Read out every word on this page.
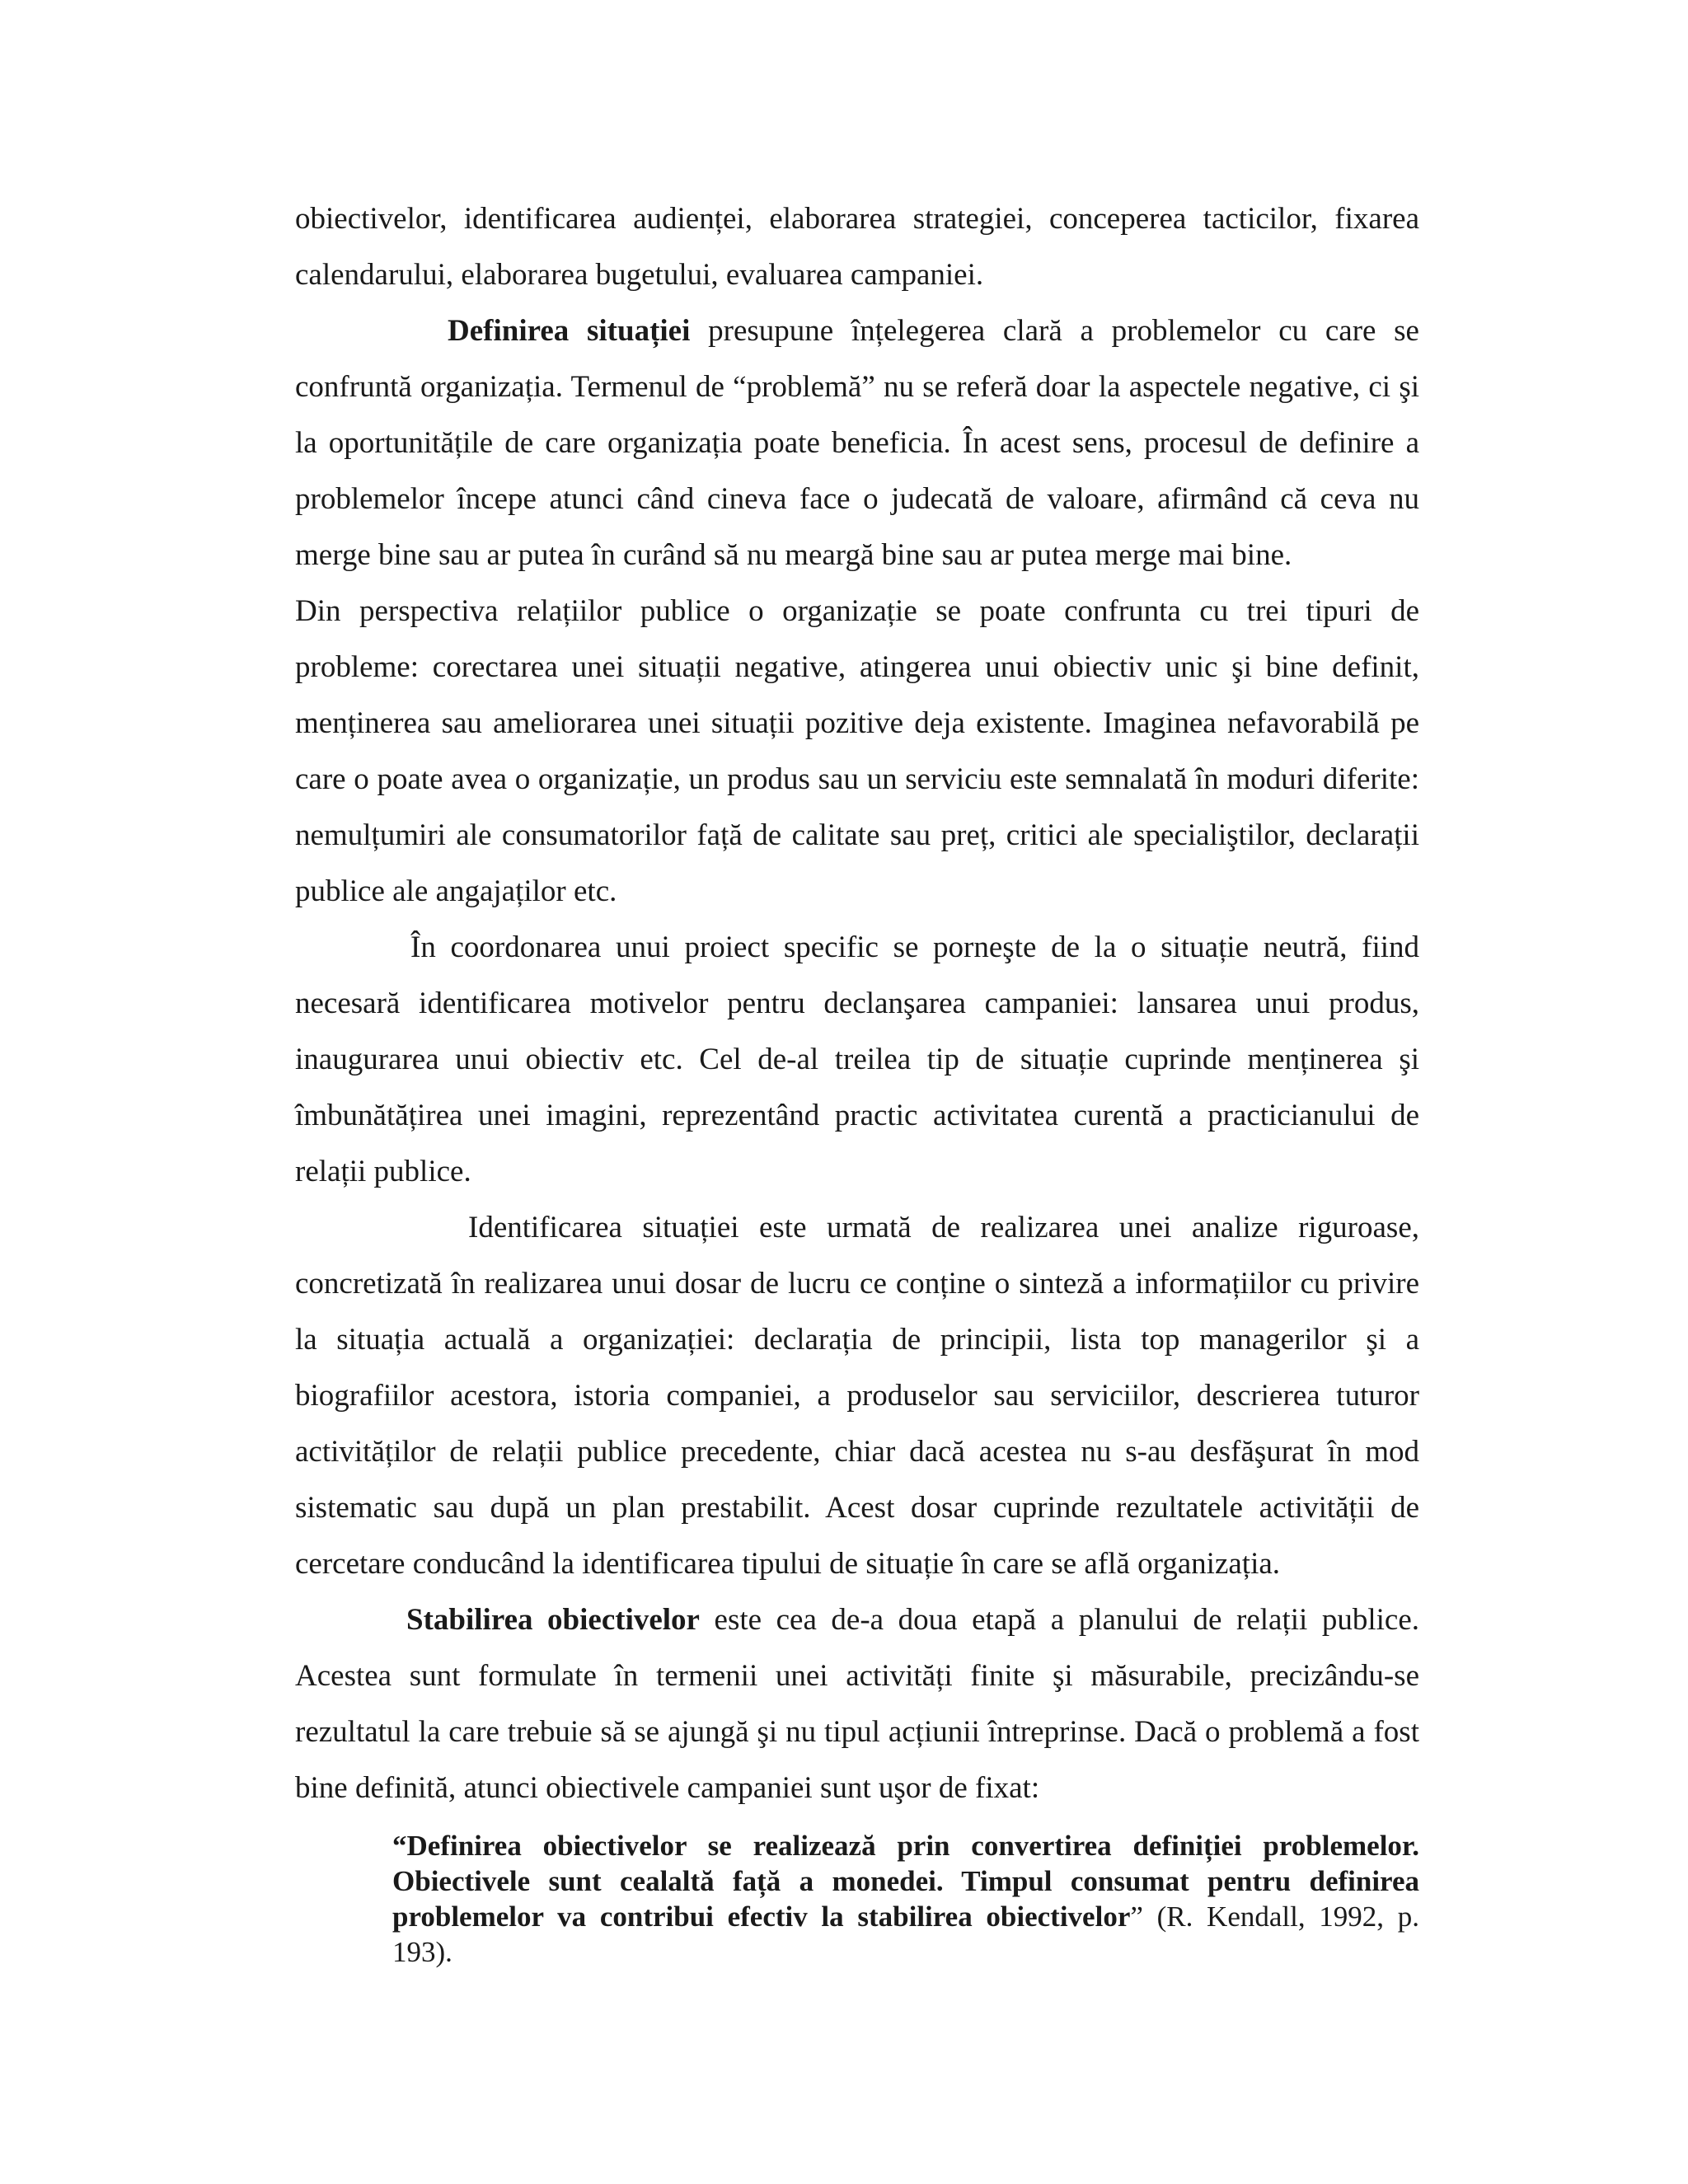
obiectivelor, identificarea audienței, elaborarea strategiei, conceperea tacticilor, fixarea calendarului, elaborarea bugetului, evaluarea campaniei.

Definirea situației presupune înțelegerea clară a problemelor cu care se confruntă organizația. Termenul de “problemă” nu se referă doar la aspectele negative, ci şi la oportunitățile de care organizația poate beneficia. În acest sens, procesul de definire a problemelor începe atunci când cineva face o judecată de valoare, afirmând că ceva nu merge bine sau ar putea în curând să nu meargă bine sau ar putea merge mai bine.

Din perspectiva relațiilor publice o organizație se poate confrunta cu trei tipuri de probleme: corectarea unei situații negative, atingerea unui obiectiv unic şi bine definit, menținerea sau ameliorarea unei situații pozitive deja existente. Imaginea nefavorabilă pe care o poate avea o organizație, un produs sau un serviciu este semnalată în moduri diferite: nemulțumiri ale consumatorilor față de calitate sau preț, critici ale specialiştilor, declarații publice ale angajaților etc.

În coordonarea unui proiect specific se porneşte de la o situație neutră, fiind necesară identificarea motivelor pentru declanşarea campaniei: lansarea unui produs, inaugurarea unui obiectiv etc. Cel de-al treilea tip de situație cuprinde menținerea şi îmbunătățirea unei imagini, reprezentând practic activitatea curentă a practicianului de relații publice.

Identificarea situației este urmată de realizarea unei analize riguroase, concretizată în realizarea unui dosar de lucru ce conține o sinteză a informațiilor cu privire la situația actuală a organizației: declarația de principii, lista top managerilor şi a biografiilor acestora, istoria companiei, a produselor sau serviciilor, descrierea tuturor activităților de relații publice precedente, chiar dacă acestea nu s-au desfăşurat în mod sistematic sau după un plan prestabilit. Acest dosar cuprinde rezultatele activității de cercetare conducând la identificarea tipului de situație în care se află organizația.

Stabilirea obiectivelor este cea de-a doua etapă a planului de relații publice. Acestea sunt formulate în termenii unei activități finite şi măsurabile, precizându-se rezultatul la care trebuie să se ajungă şi nu tipul acțiunii întreprinse. Dacă o problemă a fost bine definită, atunci obiectivele campaniei sunt uşor de fixat:

“Definirea obiectivelor se realizează prin convertirea definiției problemelor. Obiectivele sunt cealaltă față a monedei. Timpul consumat pentru definirea problemelor va contribui efectiv la stabilirea obiectivelor” (R. Kendall, 1992, p. 193).
